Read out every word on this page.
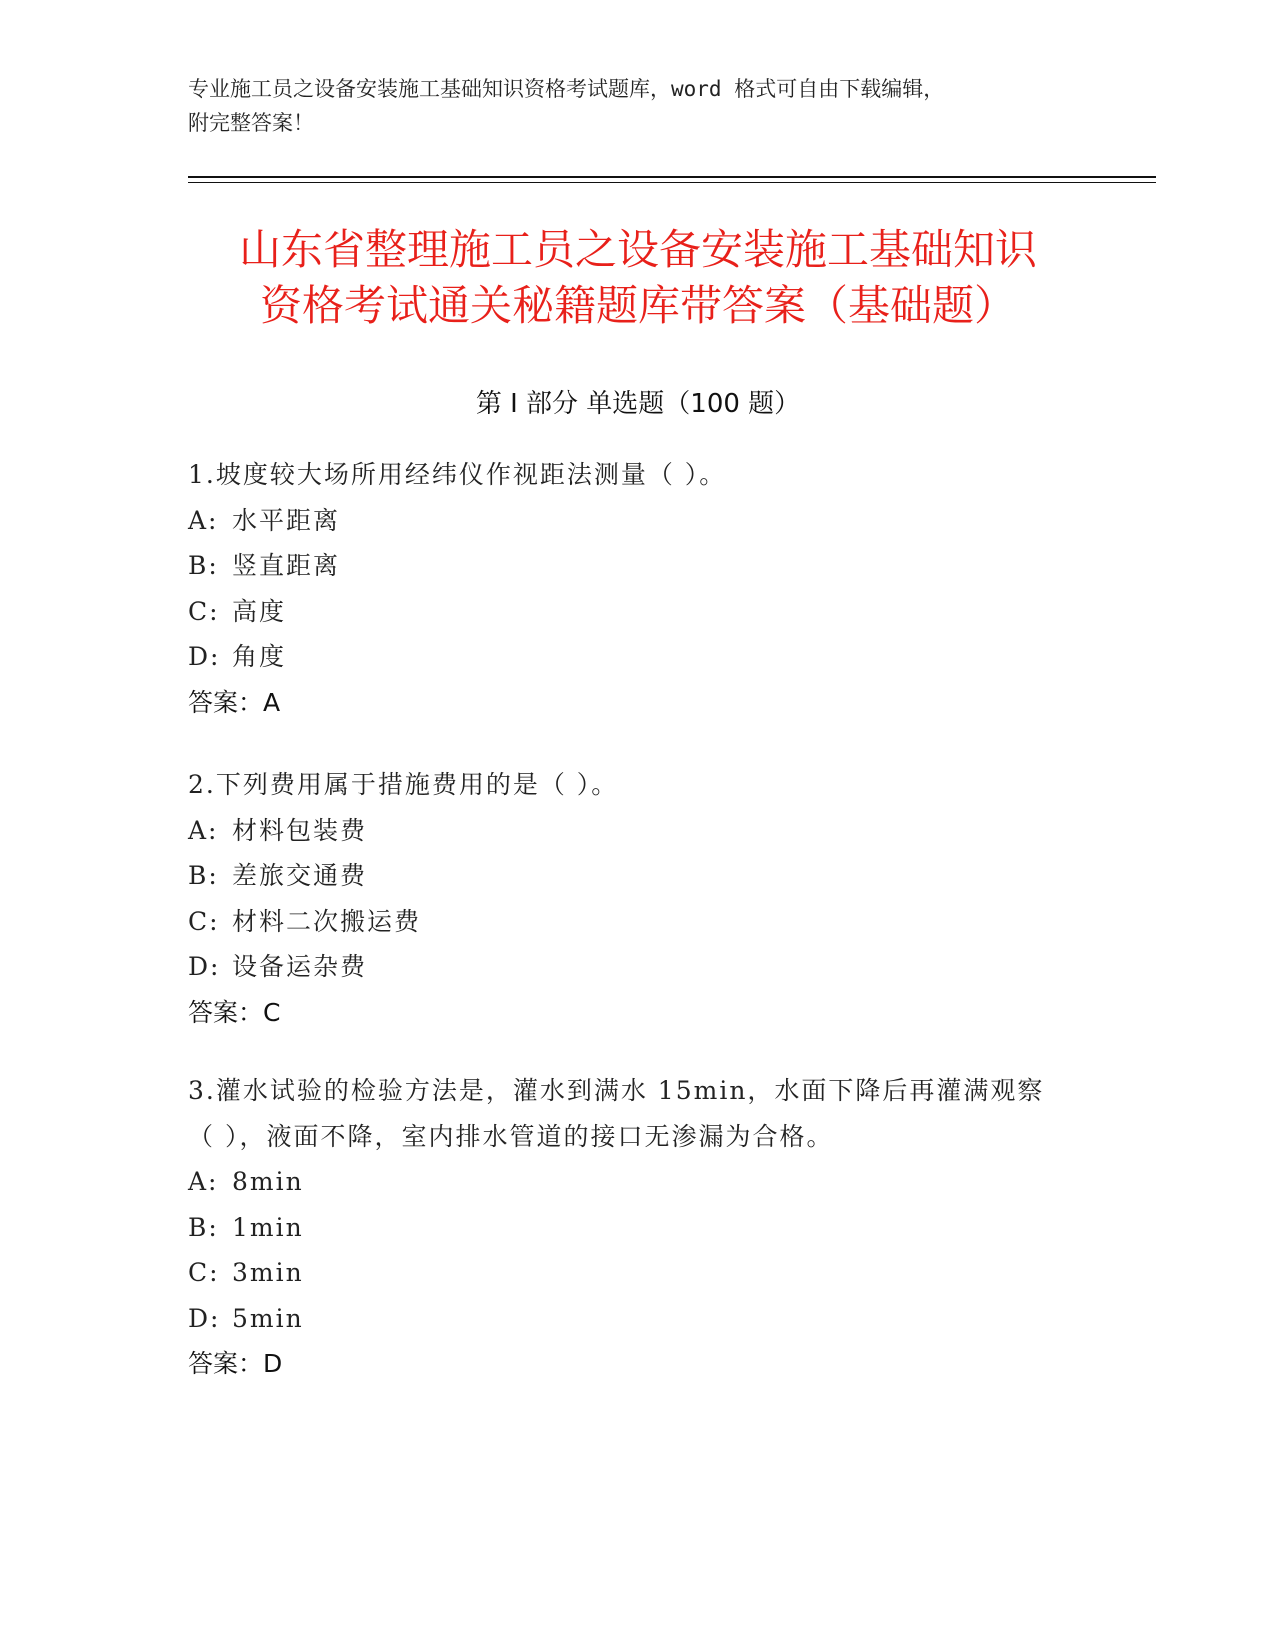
专业施工员之设备安装施工基础知识资格考试题库，word 格式可自由下载编辑，
附完整答案！
山东省整理施工员之设备安装施工基础知识
资格考试通关秘籍题库带答案（基础题）
第 I 部分 单选题（100 题）
1.坡度较大场所用经纬仪作视距法测量（ ）。
A: 水平距离
B: 竖直距离
C: 高度
D: 角度
答案：A
2.下列费用属于措施费用的是（ ）。
A: 材料包装费
B: 差旅交通费
C: 材料二次搬运费
D: 设备运杂费
答案：C
3.灌水试验的检验方法是，灌水到满水 15min，水面下降后再灌满观察
（ ），液面不降，室内排水管道的接口无渗漏为合格。
A: 8min
B: 1min
C: 3min
D: 5min
答案：D
